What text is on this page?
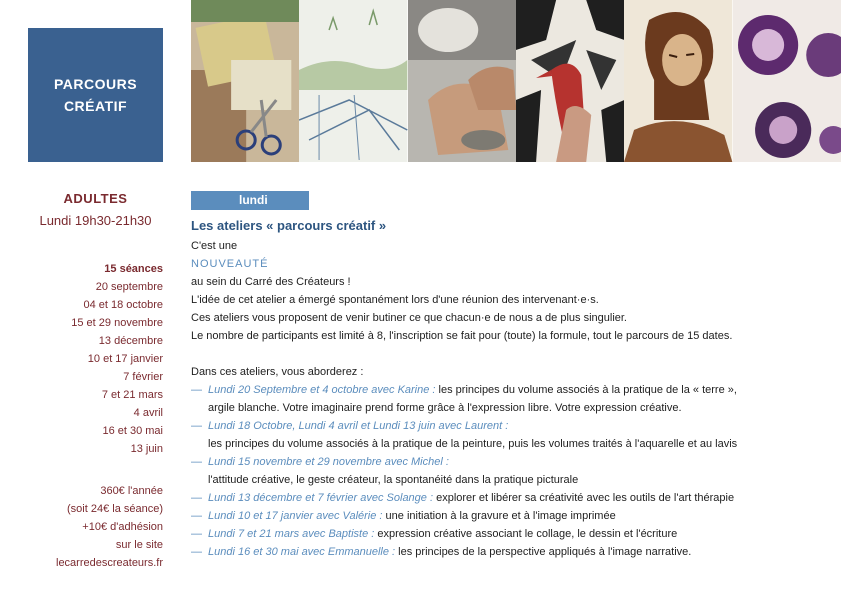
PARCOURS
CRÉATIF
ADULTES
Lundi 19h30-21h30
15 séances
20 septembre
04 et 18 octobre
15 et 29 novembre
13 décembre
10 et 17 janvier
7 février
7 et 21 mars
4 avril
16 et 30 mai
13 juin
360€ l'année
(soit 24€ la séance)
+10€ d'adhésion
sur le site
lecarredescreateurs.fr
lundi
Les ateliers « parcours créatif »
C'est une
NOUVEAUTÉ
au sein du Carré des Créateurs !
L'idée de cet atelier a émergé spontanément lors d'une réunion des intervenant·e·s.
Ces ateliers vous proposent de venir butiner ce que chacun·e de nous a de plus singulier.
Le nombre de participants est limité à 8, l'inscription se fait pour (toute) la formule, tout le parcours de 15 dates.
Dans ces ateliers, vous aborderez :
— Lundi 20 Septembre et 4 octobre avec Karine : les principes du volume associés à la pratique de la « terre »,
argile blanche. Votre imaginaire prend forme grâce à l'expression libre. Votre expression créative.
— Lundi 18 Octobre, Lundi 4 avril et Lundi 13 juin avec Laurent :
les principes du volume associés à la pratique de la peinture, puis les volumes traités à l'aquarelle et au lavis
— Lundi 15 novembre et 29 novembre avec Michel :
l'attitude créative, le geste créateur, la spontanéité dans la pratique picturale
— Lundi 13 décembre et 7 février avec Solange : explorer et libérer sa créativité avec les outils de l'art thérapie
— Lundi 10 et 17 janvier avec Valérie : une initiation à la gravure et à l'image imprimée
— Lundi 7 et 21 mars avec Baptiste : expression créative associant le collage, le dessin et l'écriture
— Lundi 16 et 30 mai avec Emmanuelle : les principes de la perspective appliqués à l'image narrative.
